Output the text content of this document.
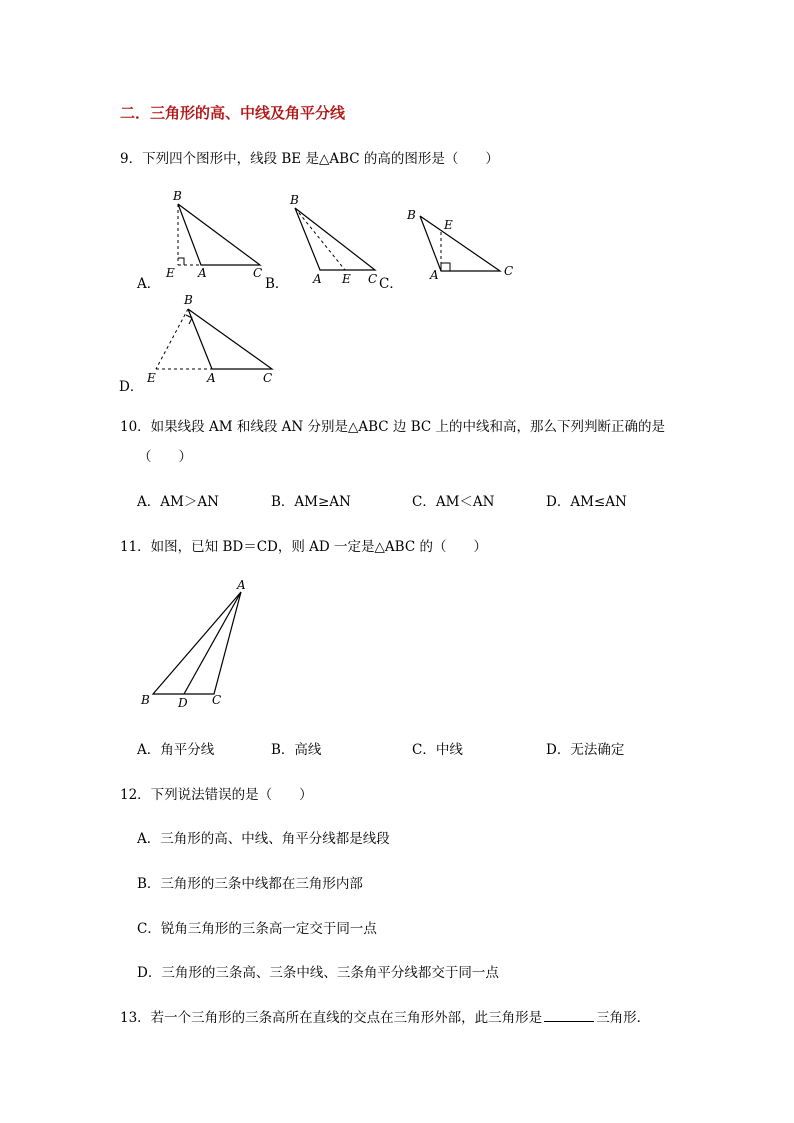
二．三角形的高、中线及角平分线
9．下列四个图形中，线段 BE 是△ABC 的高的图形是（　　）
B
E A	C
B
A E C
B
E
A	C
B
E	A	C
A．	B．	C．
D．
10．如果线段 AM 和线段 AN 分别是△ABC 边 BC 上的中线和高，那么下列判断正确的是
（　　）
A．AM＞AN	B．AM≥AN	C．AM＜AN	D．AM≤AN
11．如图，已知 BD＝CD，则 AD 一定是△ABC 的（　　）
A
B D C
A．角平分线	B．高线	C．中线	D．无法确定
12．下列说法错误的是（　　）
A．三角形的高、中线、角平分线都是线段
B．三角形的三条中线都在三角形内部
C．锐角三角形的三条高一定交于同一点
D．三角形的三条高、三条中线、三条角平分线都交于同一点
13．若一个三角形的三条高所在直线的交点在三角形外部，此三角形是	三角形．
